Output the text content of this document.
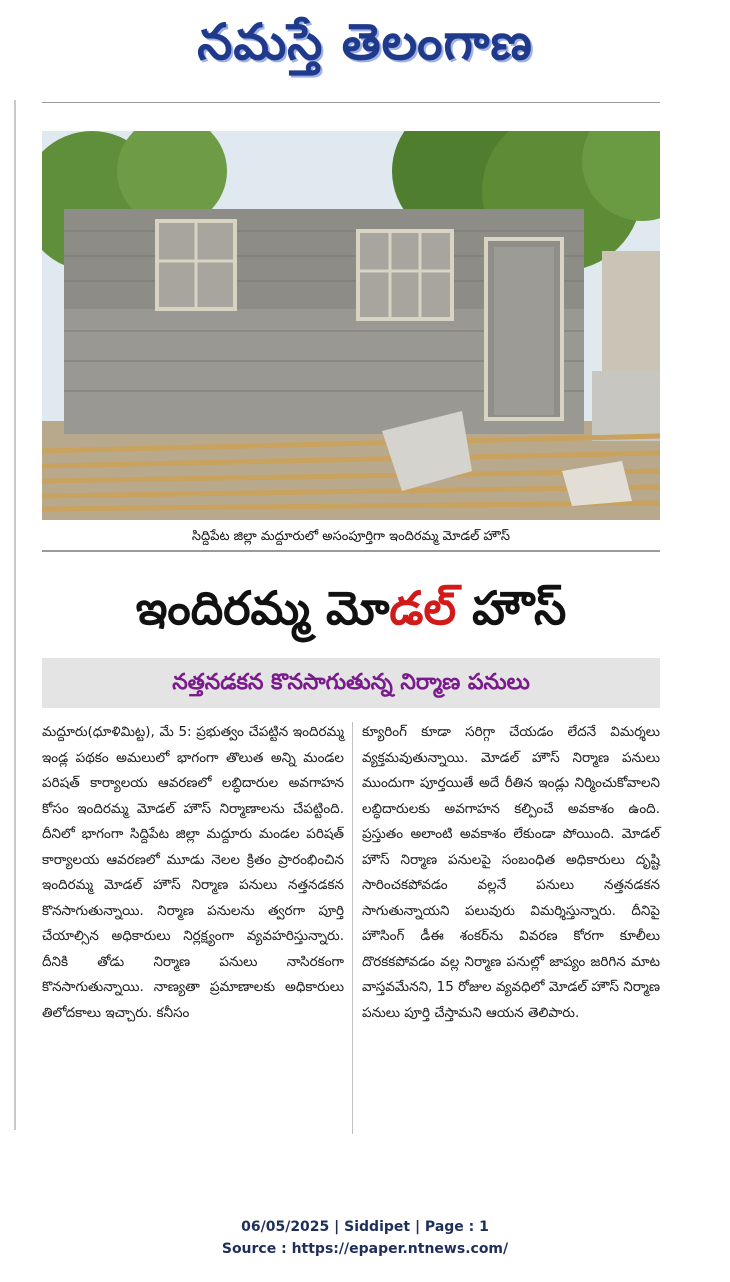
నమస్తే తెలంగాణ
సిద్దిపేట జిల్లా మద్దూరులో అసంపూర్తిగా ఇందిరమ్మ మోడల్ హౌస్
ఇందిరమ్మ మోడల్ హౌస్
నత్తనడకన కొనసాగుతున్న నిర్మాణ పనులు

మద్దూరు(ధూళిమిట్ట), మే 5: ప్రభుత్వం చేపట్టిన ఇందిరమ్మ ఇండ్ల పథకం అమలులో భాగంగా తొలుత అన్ని మండల పరిషత్ కార్యాలయ ఆవరణలో లబ్ధిదారుల అవగాహన కోసం ఇందిరమ్మ మోడల్ హౌస్ నిర్మాణాలను చేపట్టింది. దీనిలో భాగంగా సిద్దిపేట జిల్లా మద్దూరు మండల పరిషత్ కార్యాలయ ఆవరణలో మూడు నెలల క్రితం ప్రారంభించిన ఇందిరమ్మ మోడల్ హౌస్ నిర్మాణ పనులు నత్తనడకన కొనసాగుతున్నాయి. నిర్మాణ పనులను త్వరగా పూర్తి చేయాల్సిన అధికారులు నిర్లక్ష్యంగా వ్యవహరిస్తున్నారు. దీనికి తోడు నిర్మాణ పనులు నాసిరకంగా కొనసాగుతున్నాయి. నాణ్యతా ప్రమాణాలకు అధికారులు తిలోదకాలు ఇచ్చారు. కనీసం

క్యూరింగ్ కూడా సరిగ్గా చేయడం లేదనే విమర్శలు వ్యక్తమవుతున్నాయి. మోడల్ హౌస్ నిర్మాణ పనులు ముందుగా పూర్తయితే అదే రీతిన ఇండ్లు నిర్మించుకోవాలని లబ్ధిదారులకు అవగాహన కల్పించే అవకాశం ఉంది. ప్రస్తుతం అలాంటి అవకాశం లేకుండా పోయింది. మోడల్ హౌస్ నిర్మాణ పనులపై సంబంధిత అధికారులు దృష్టి సారించకపోవడం వల్లనే పనులు నత్తనడకన సాగుతున్నాయని పలువురు విమర్శిస్తున్నారు. దీనిపై హౌసింగ్ డీఈ శంకర్‌ను వివరణ కోరగా కూలీలు దొరకకపోవడం వల్ల నిర్మాణ పనుల్లో జాప్యం జరిగిన మాట వాస్తవమేనని, 15 రోజుల వ్యవధిలో మోడల్ హౌస్ నిర్మాణ పనులు పూర్తి చేస్తామని ఆయన తెలిపారు.

06/05/2025 | Siddipet | Page : 1
Source : https://epaper.ntnews.com/
